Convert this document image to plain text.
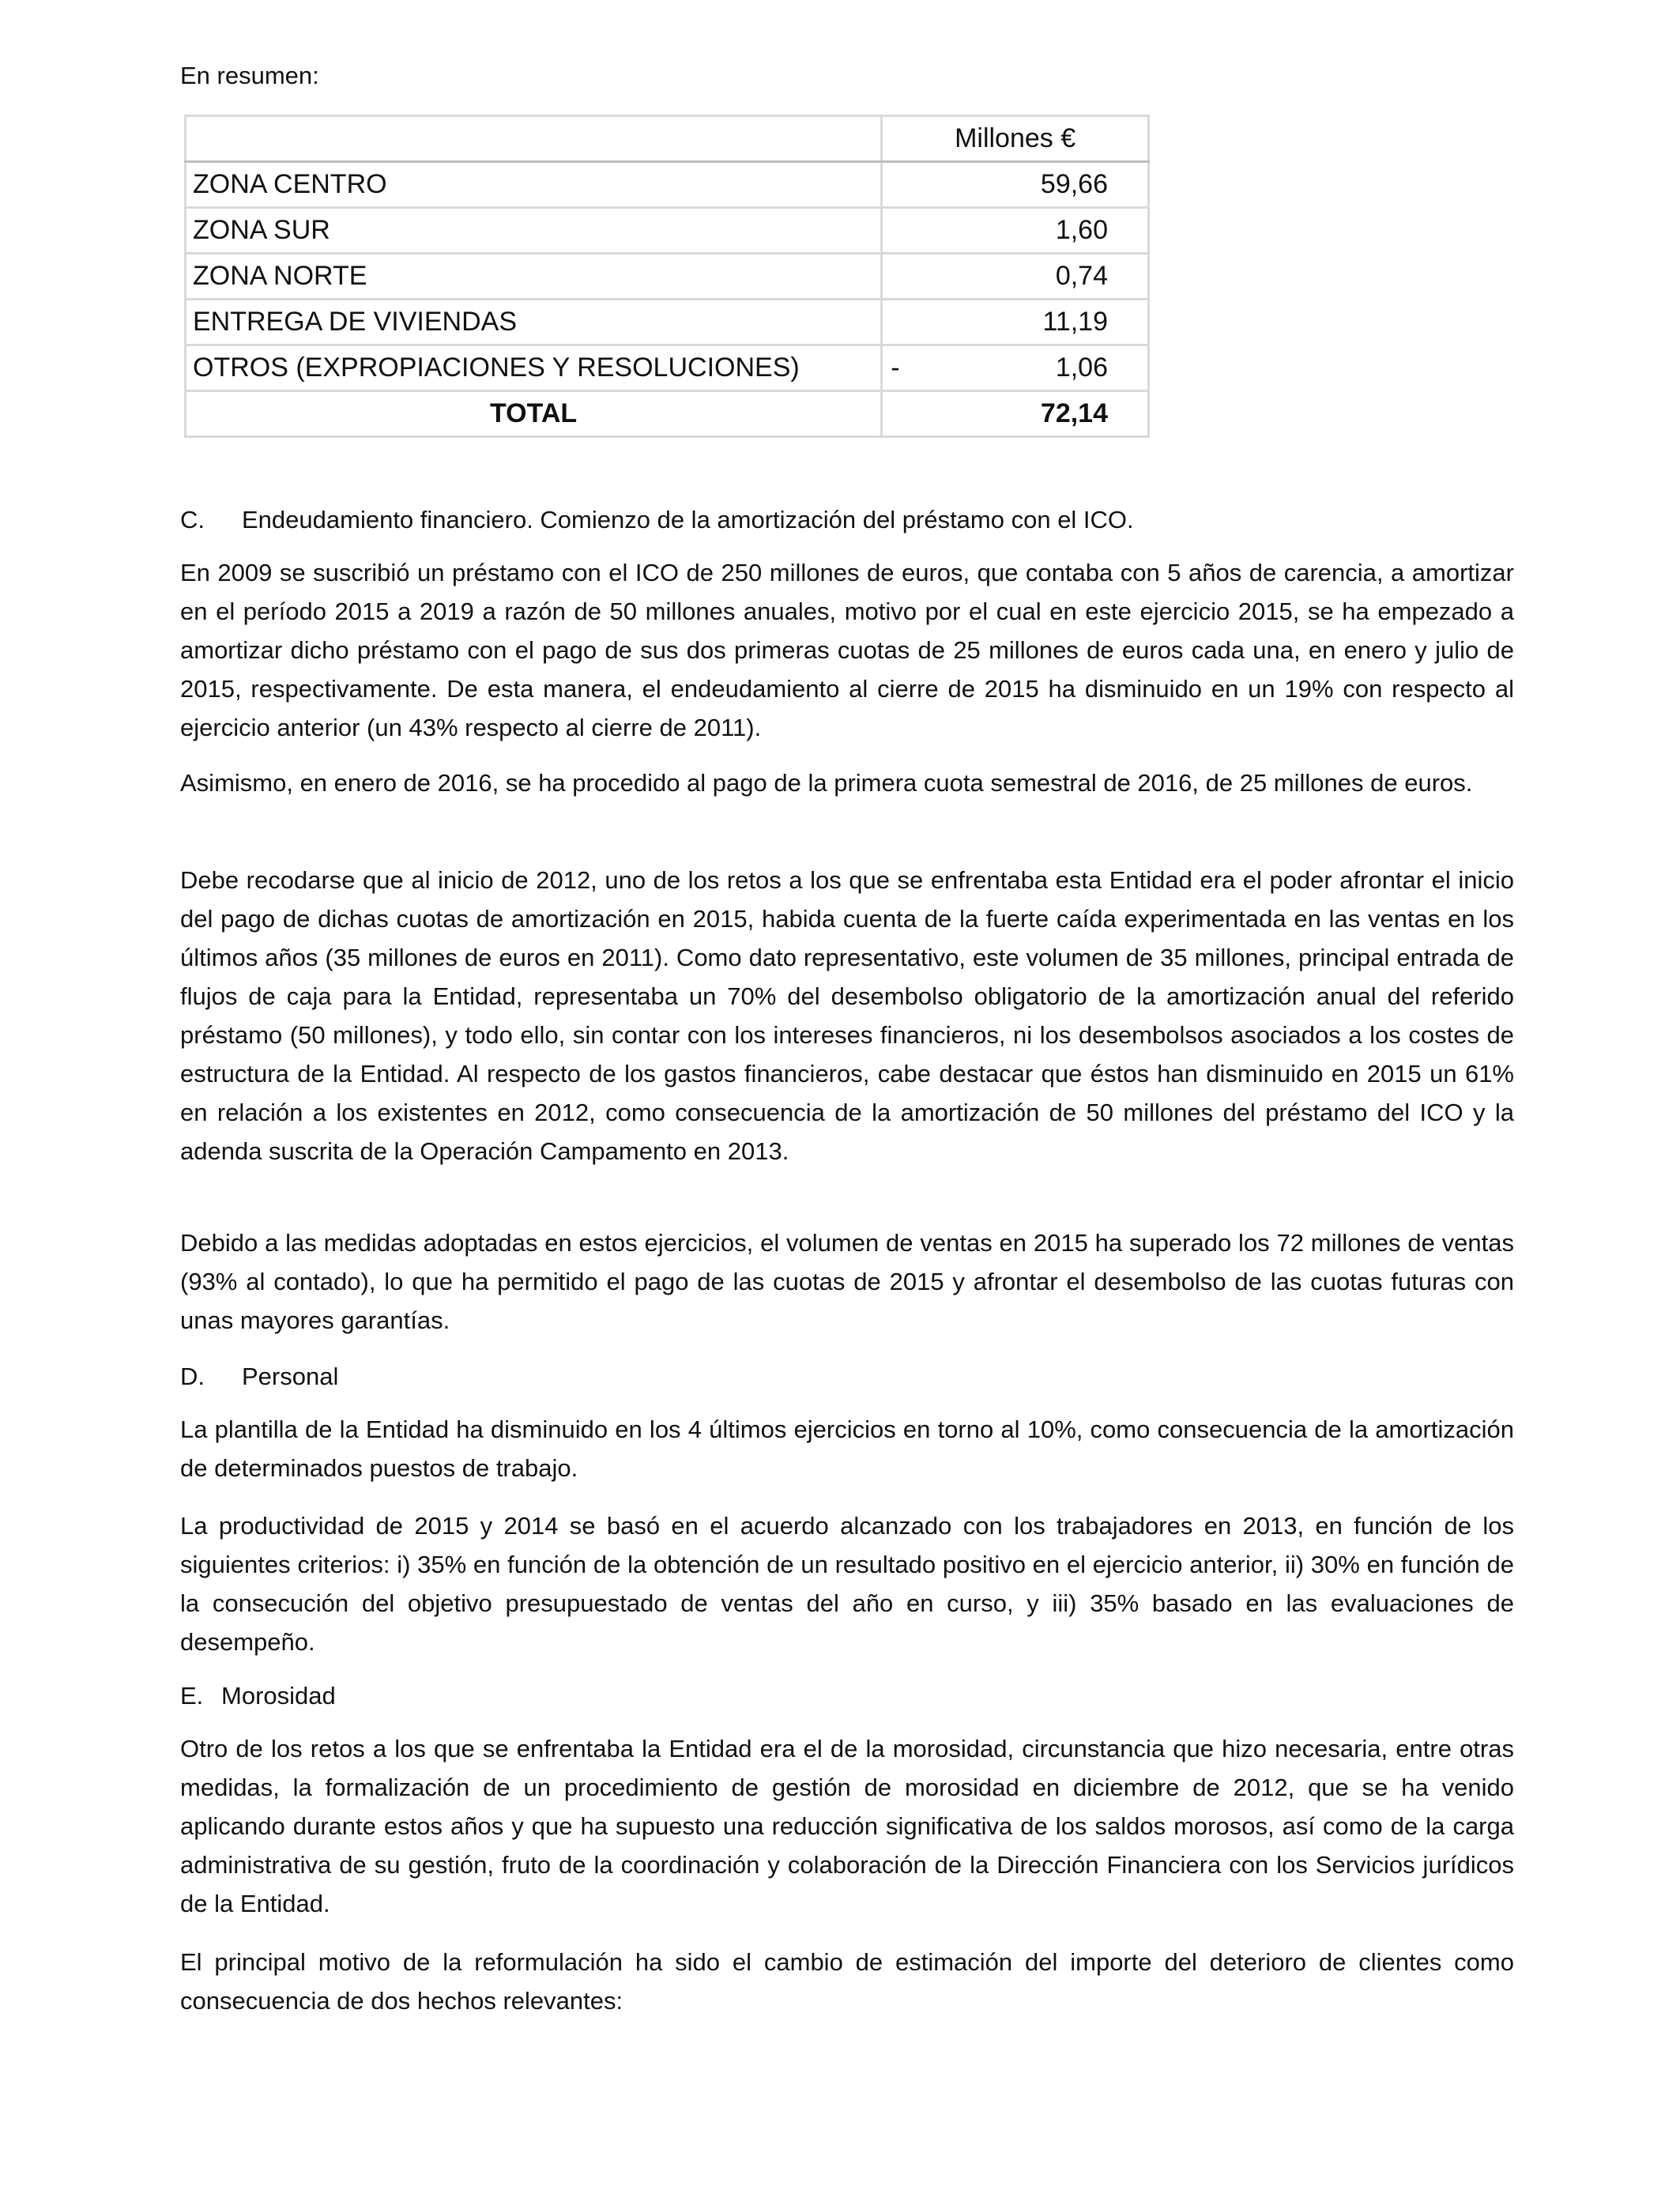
En resumen:
	Millones €
ZONA CENTRO	59,66
ZONA SUR	1,60
ZONA NORTE	0,74
ENTREGA DE VIVIENDAS	11,19
OTROS (EXPROPIACIONES Y RESOLUCIONES)	- 1,06
TOTAL	72,14
C. Endeudamiento financiero. Comienzo de la amortización del préstamo con el ICO.
En 2009 se suscribió un préstamo con el ICO de 250 millones de euros, que contaba con 5 años de carencia, a amortizar en el período 2015 a 2019 a razón de 50 millones anuales, motivo por el cual en este ejercicio 2015, se ha empezado a amortizar dicho préstamo con el pago de sus dos primeras cuotas de 25 millones de euros cada una, en enero y julio de 2015, respectivamente. De esta manera, el endeudamiento al cierre de 2015 ha disminuido en un 19% con respecto al ejercicio anterior (un 43% respecto al cierre de 2011).
Asimismo, en enero de 2016, se ha procedido al pago de la primera cuota semestral de 2016, de 25 millones de euros.
Debe recodarse que al inicio de 2012, uno de los retos a los que se enfrentaba esta Entidad era el poder afrontar el inicio del pago de dichas cuotas de amortización en 2015, habida cuenta de la fuerte caída experimentada en las ventas en los últimos años (35 millones de euros en 2011). Como dato representativo, este volumen de 35 millones, principal entrada de flujos de caja para la Entidad, representaba un 70% del desembolso obligatorio de la amortización anual del referido préstamo (50 millones), y todo ello, sin contar con los intereses financieros, ni los desembolsos asociados a los costes de estructura de la Entidad. Al respecto de los gastos financieros, cabe destacar que éstos han disminuido en 2015 un 61% en relación a los existentes en 2012, como consecuencia de la amortización de 50 millones del préstamo del ICO y la adenda suscrita de la Operación Campamento en 2013.
Debido a las medidas adoptadas en estos ejercicios, el volumen de ventas en 2015 ha superado los 72 millones de ventas (93% al contado), lo que ha permitido el pago de las cuotas de 2015 y afrontar el desembolso de las cuotas futuras con unas mayores garantías.
D. Personal
La plantilla de la Entidad ha disminuido en los 4 últimos ejercicios en torno al 10%, como consecuencia de la amortización de determinados puestos de trabajo.
La productividad de 2015 y 2014 se basó en el acuerdo alcanzado con los trabajadores en 2013, en función de los siguientes criterios: i) 35% en función de la obtención de un resultado positivo en el ejercicio anterior, ii) 30% en función de la consecución del objetivo presupuestado de ventas del año en curso, y iii) 35% basado en las evaluaciones de desempeño.
E. Morosidad
Otro de los retos a los que se enfrentaba la Entidad era el de la morosidad, circunstancia que hizo necesaria, entre otras medidas, la formalización de un procedimiento de gestión de morosidad en diciembre de 2012, que se ha venido aplicando durante estos años y que ha supuesto una reducción significativa de los saldos morosos, así como de la carga administrativa de su gestión, fruto de la coordinación y colaboración de la Dirección Financiera con los Servicios jurídicos de la Entidad.
El principal motivo de la reformulación ha sido el cambio de estimación del importe del deterioro de clientes como consecuencia de dos hechos relevantes:
